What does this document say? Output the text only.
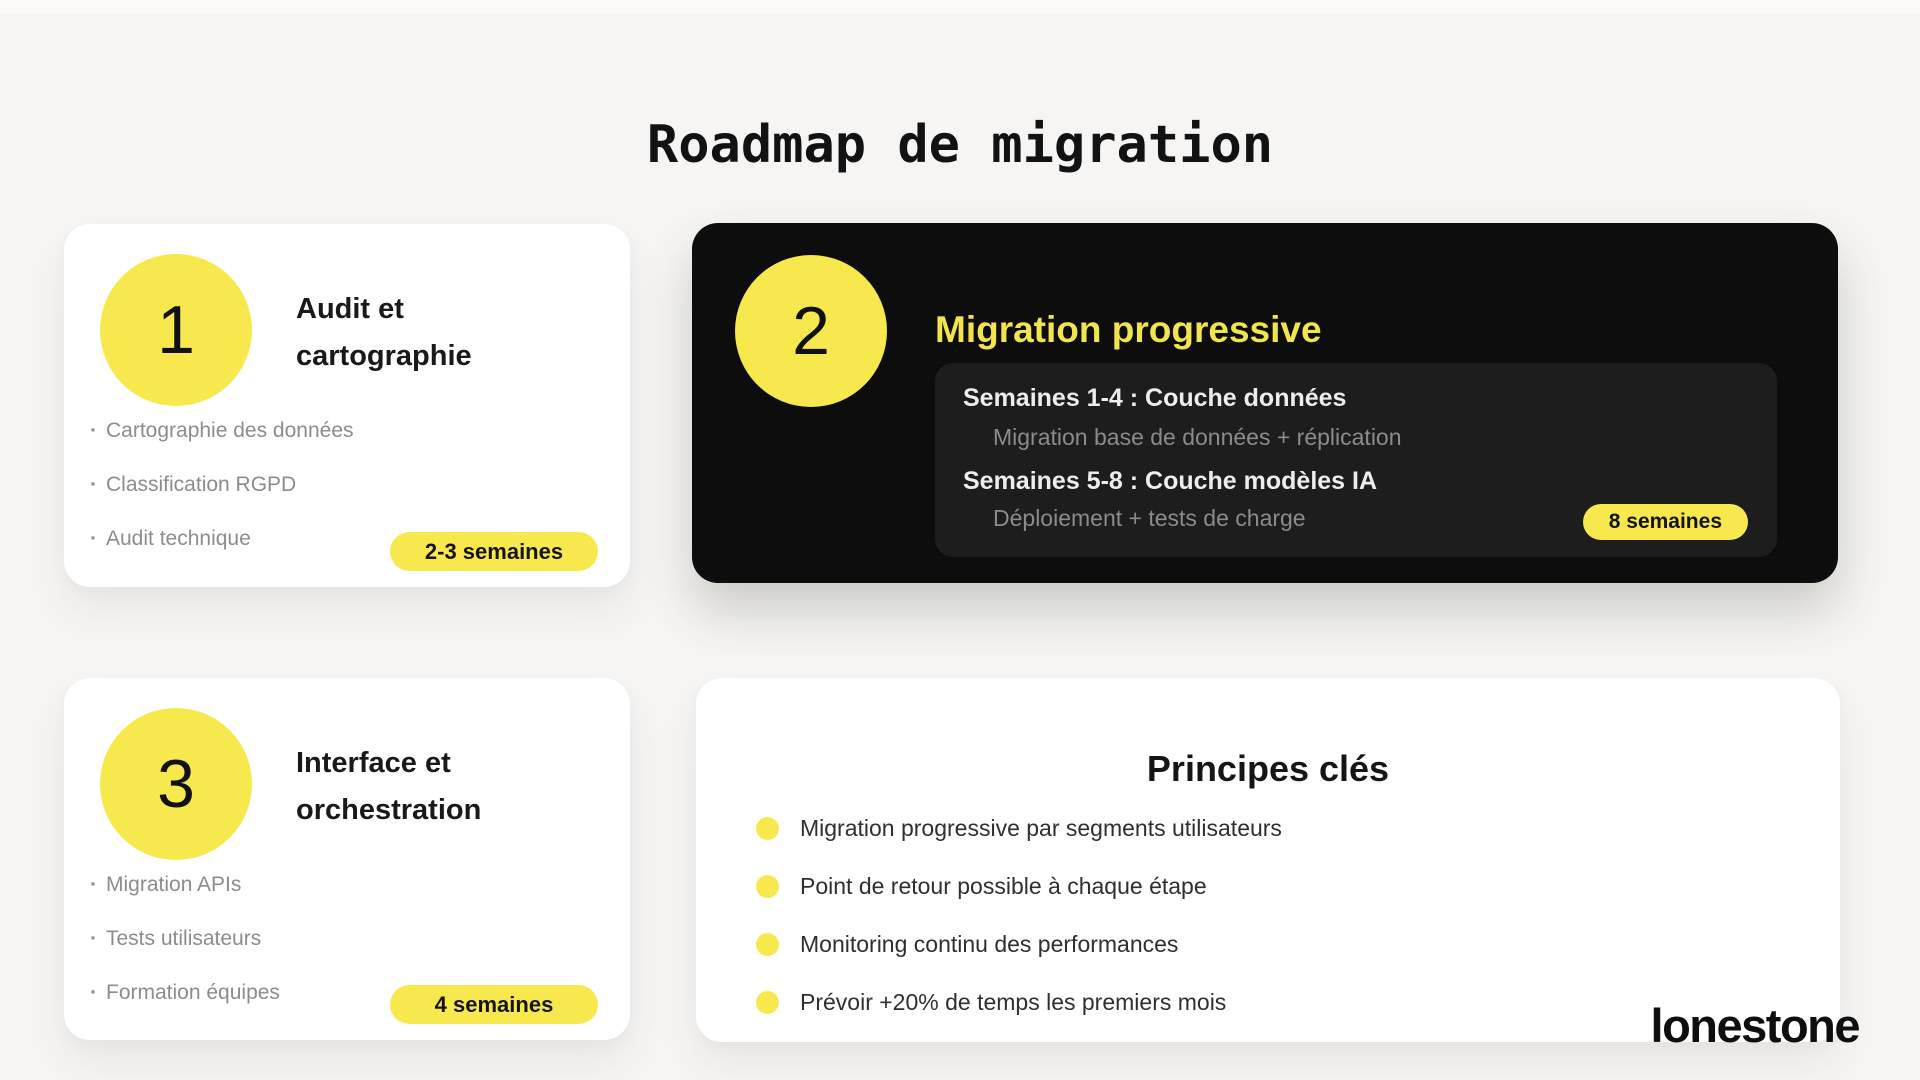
Roadmap de migration
1	Audit et
cartographie
· Cartographie des données
· Classification RGPD
· Audit technique	2-3 semaines
2	Migration progressive
Semaines 1-4 : Couche données
Migration base de données + réplication
Semaines 5-8 : Couche modèles IA
Déploiement + tests de charge	8 semaines
3	Interface et
orchestration
· Migration APIs
· Tests utilisateurs
· Formation équipes	4 semaines
Principes clés
Migration progressive par segments utilisateurs
Point de retour possible à chaque étape
Monitoring continu des performances
Prévoir +20% de temps les premiers mois	lonestone
